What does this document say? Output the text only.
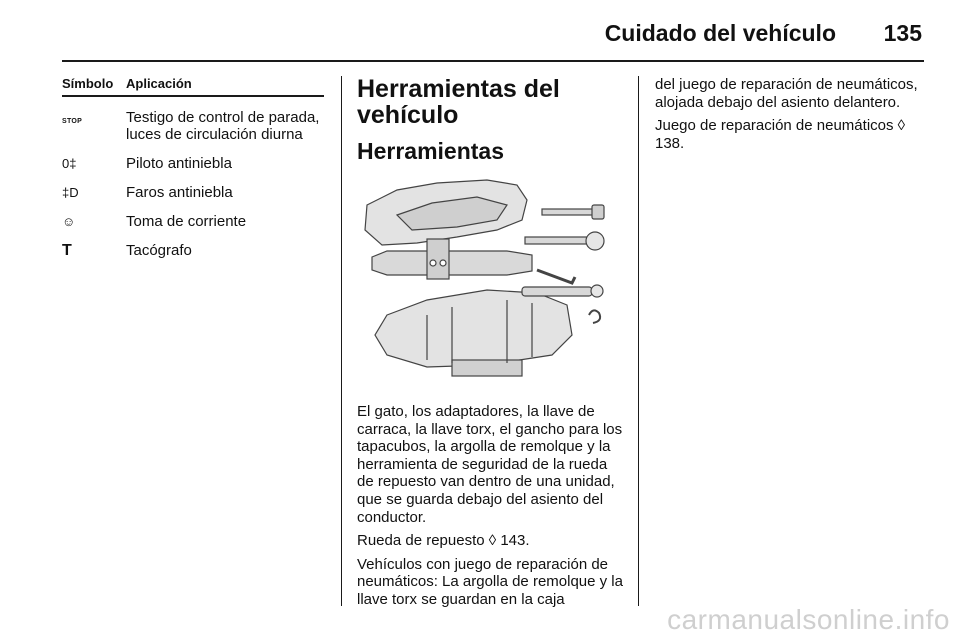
Cuidado del vehículo 135
Símbolo Aplicación
STOP	Testigo de control de parada, luces de circulación diurna
0‡	Piloto antiniebla
‡D	Faros antiniebla
☺	Toma de corriente
T	Tacógrafo
Herramientas del vehículo
Herramientas

El gato, los adaptadores, la llave de carraca, la llave torx, el gancho para los tapacubos, la argolla de remolque y la herramienta de seguridad de la rueda de repuesto van dentro de una unidad, que se guarda debajo del asiento del conductor.

Rueda de repuesto ◊ 143.

Vehículos con juego de reparación de neumáticos: La argolla de remolque y la llave torx se guardan en la caja

del juego de reparación de neumáticos, alojada debajo del asiento delantero.

Juego de reparación de neumáticos ◊ 138.

carmanualsonline.info
